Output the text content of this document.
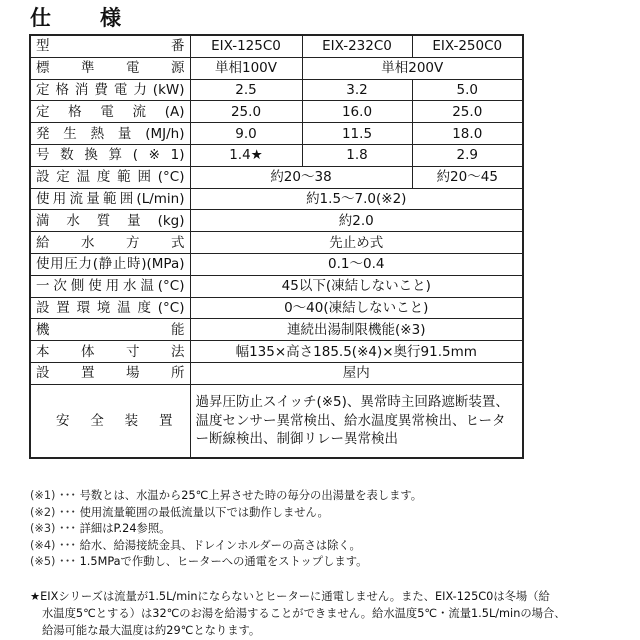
仕　様
型番	EIX-125C0	EIX-232C0	EIX-250C0

標準電源	単相100V	単相200V	

定格消費電力(kW)	2.5	3.2	5.0

定格電流(A)	25.0	16.0	25.0

発生熱量(MJ/h)	9.0	11.5	18.0

号数換算(※1)	1.4★	1.8	2.9

設定温度範囲(°C)	約20〜38		約20〜45

使用流量範囲(L/min)	約1.5〜7.0(※2)		

満水質量(kg)	約2.0		

給水方式	先止め式		

使用圧力(静止時)(MPa)	0.1〜0.4		

一次側使用水温(°C)	45以下(凍結しないこと)		

設置環境温度(°C)	0〜40(凍結しないこと)		

機能	連続出湯制限機能(※3)		

本体寸法	幅135×高さ185.5(※4)×奥行91.5mm		

設置場所	屋内		

安全装置	過昇圧防止スイッチ(※5)、異常時主回路遮断装置、温度センサー異常検出、給水温度異常検出、ヒーター断線検出、制御リレー異常検出		
(※1) ･･･ 号数とは、水温から25℃上昇させた時の毎分の出湯量を表します。
(※2) ･･･ 使用流量範囲の最低流量以下では動作しません。
(※3) ･･･ 詳細はP.24参照。
(※4) ･･･ 給水、給湯接続金具、ドレインホルダーの高さは除く。
(※5) ･･･ 1.5MPaで作動し、ヒーターへの通電をストップします。
★EIXシリーズは流量が1.5L/minにならないとヒーターに通電しません。また、EIX-125C0は冬場（給
水温度5℃とする）は32℃のお湯を給湯することができません。給水温度5℃・流量1.5L/minの場合、
給湯可能な最大温度は約29℃となります。
